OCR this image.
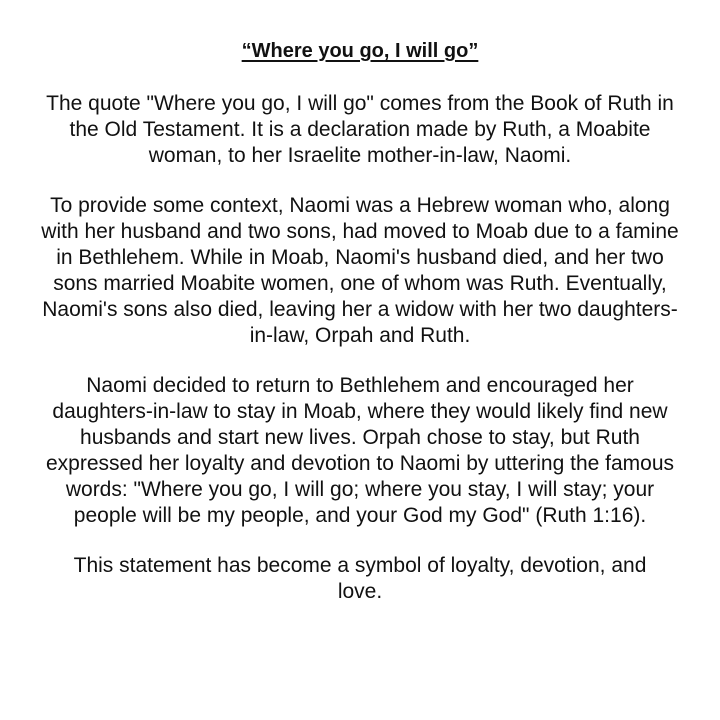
“Where you go, I will go”

The quote "Where you go, I will go" comes from the Book of Ruth in the Old Testament. It is a declaration made by Ruth, a Moabite woman, to her Israelite mother-in-law, Naomi.

To provide some context, Naomi was a Hebrew woman who, along with her husband and two sons, had moved to Moab due to a famine in Bethlehem. While in Moab, Naomi's husband died, and her two sons married Moabite women, one of whom was Ruth. Eventually, Naomi's sons also died, leaving her a widow with her two daughters-in-law, Orpah and Ruth.

Naomi decided to return to Bethlehem and encouraged her daughters-in-law to stay in Moab, where they would likely find new husbands and start new lives. Orpah chose to stay, but Ruth expressed her loyalty and devotion to Naomi by uttering the famous words: "Where you go, I will go; where you stay, I will stay; your people will be my people, and your God my God" (Ruth 1:16).

This statement has become a symbol of loyalty, devotion, and love.
